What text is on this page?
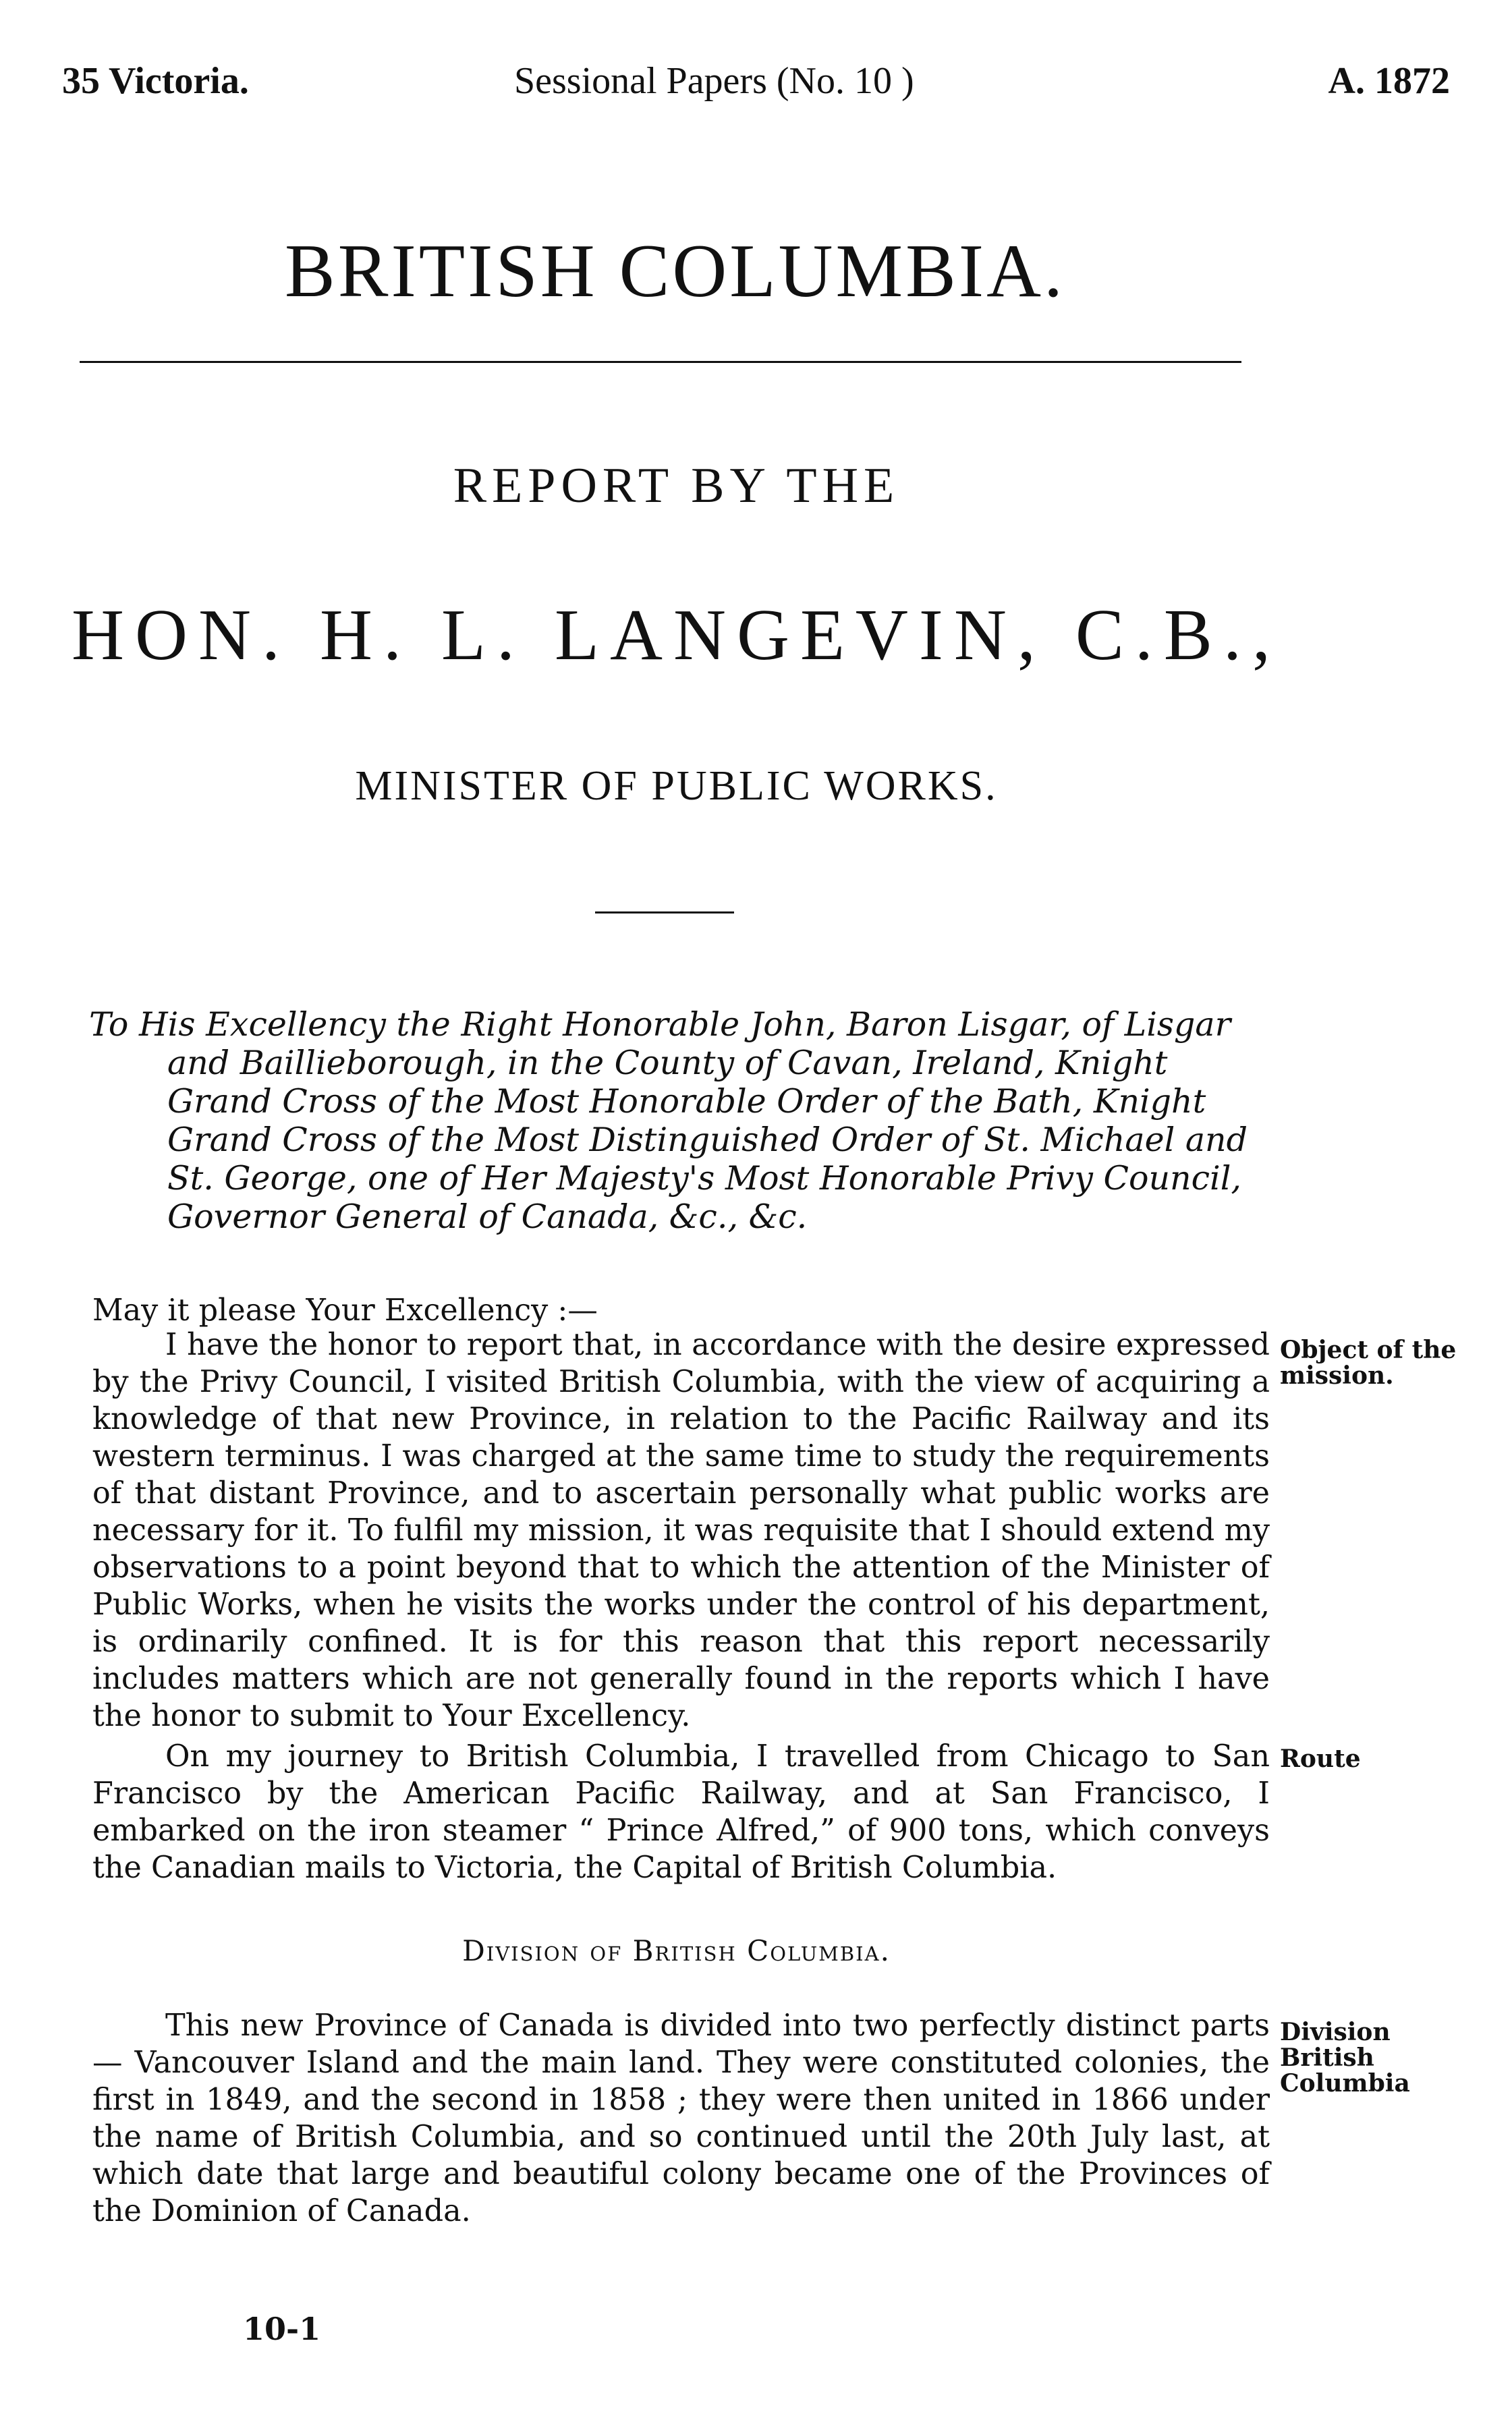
35 Victoria.	Sessional Papers (No. 10 )	A. 1872
BRITISH COLUMBIA.
REPORT BY THE
HON. H. L. LANGEVIN, C.B.,
MINISTER OF PUBLIC WORKS.
To His Excellency the Right Honorable John, Baron Lisgar, of Lisgar
and Baillieborough, in the County of Cavan, Ireland, Knight
Grand Cross of the Most Honorable Order of the Bath, Knight
Grand Cross of the Most Distinguished Order of St. Michael and
St. George, one of Her Majesty's Most Honorable Privy Council,
Governor General of Canada, &c., &c.

May it please Your Excellency :—

I have the honor to report that, in accordance with the desire expressed by the Privy Council, I visited British Columbia, with the view of acquiring a knowledge of that new Province, in relation to the Pacific Railway and its western terminus. I was charged at the same time to study the requirements of that distant Province, and to ascertain personally what public works are necessary for it. To fulfil my mission, it was requisite that I should extend my observations to a point beyond that to which the attention of the Minister of Public Works, when he visits the works under the control of his department, is ordinarily confined. It is for this reason that this report necessarily includes matters which are not generally found in the reports which I have the honor to submit to Your Excellency.

Object of the mission.

On my journey to British Columbia, I travelled from Chicago to San Francisco by the American Pacific Railway, and at San Francisco, I embarked on the iron steamer “ Prince Alfred,” of 900 tons, which conveys the Canadian mails to Victoria, the Capital of British Columbia.

Route
Division of British Columbia.

This new Province of Canada is divided into two perfectly distinct parts— Vancouver Island and the main land. They were constituted colonies, the first in 1849, and the second in 1858 ; they were then united in 1866 under the name of British Columbia, and so continued until the 20th July last, at which date that large and beautiful colony became one of the Provinces of the Dominion of Canada.

Division British Columbia
10-1
